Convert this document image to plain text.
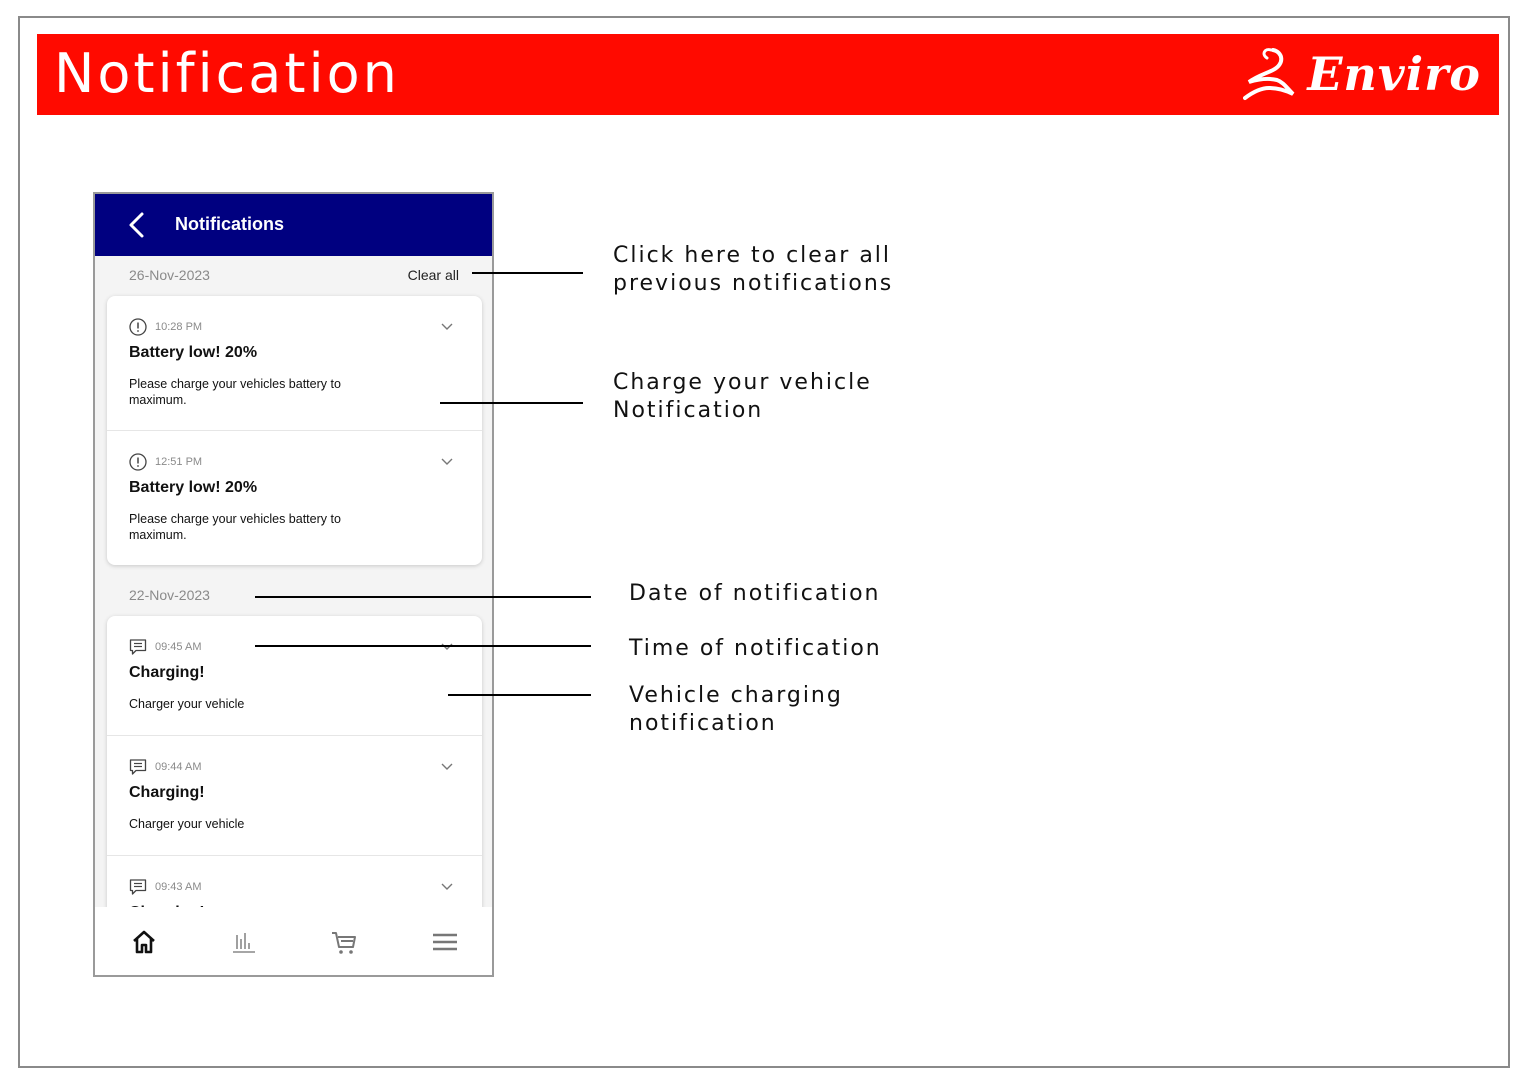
Notification	Enviro
Notifications
26-Nov-2023	Clear all
10:28 PM
Battery low! 20%
Please charge your vehicles battery to maximum.
12:51 PM
Battery low! 20%
Please charge your vehicles battery to maximum.
22-Nov-2023
09:45 AM
Charging!
Charger your vehicle
09:44 AM
Charging!
Charger your vehicle
09:43 AM
Click here to clear all
previous notifications
Charge your vehicle
Notification
Date of notification
Time of notification
Vehicle charging
notification
